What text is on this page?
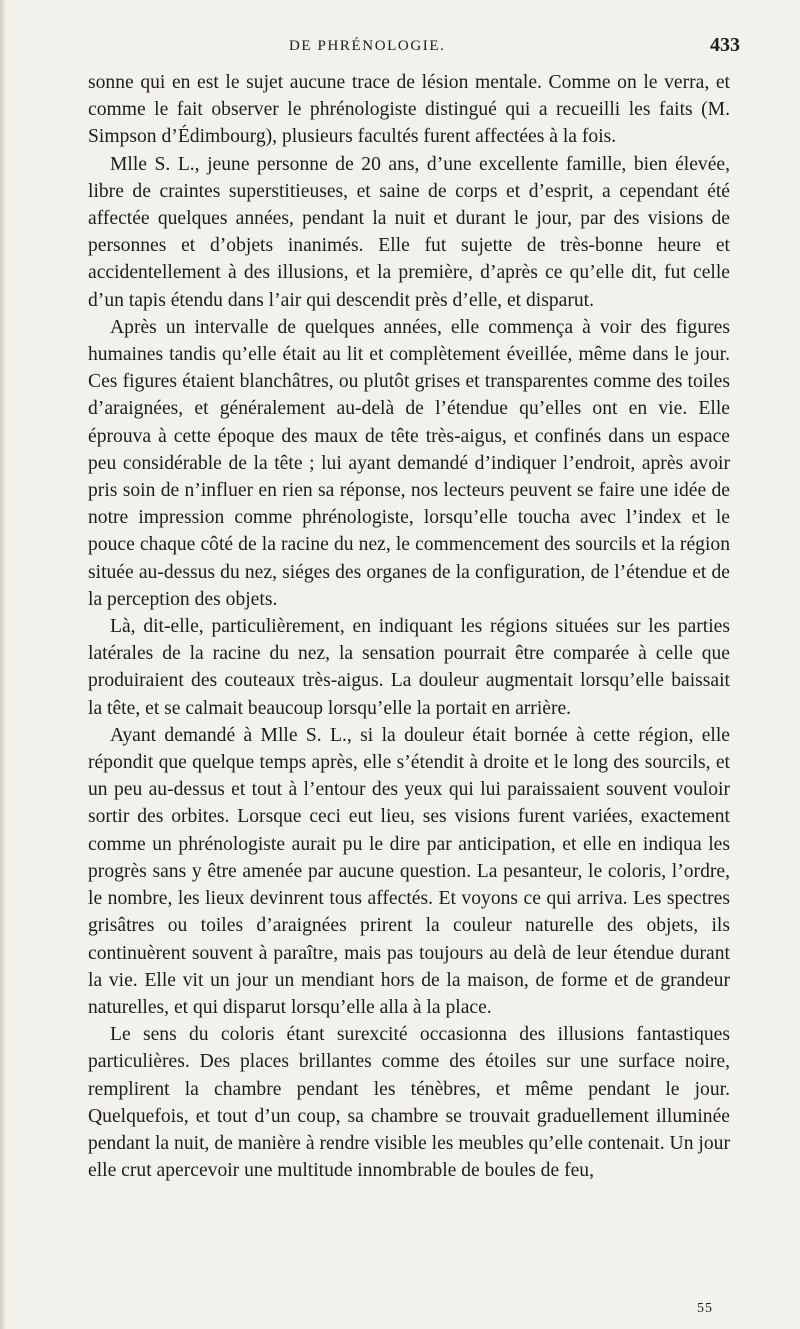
DE PHRÉNOLOGIE.	433

sonne qui en est le sujet aucune trace de lésion mentale. Comme on le verra, et comme le fait observer le phrénologiste distingué qui a recueilli les faits (M. Simpson d’Édimbourg), plusieurs facultés furent affectées à la fois.

Mlle S. L., jeune personne de 20 ans, d’une excellente famille, bien élevée, libre de craintes superstitieuses, et saine de corps et d’esprit, a cependant été affectée quelques années, pendant la nuit et durant le jour, par des visions de personnes et d’objets inanimés. Elle fut sujette de très-bonne heure et accidentellement à des illusions, et la première, d’après ce qu’elle dit, fut celle d’un tapis étendu dans l’air qui descendit près d’elle, et disparut.

Après un intervalle de quelques années, elle commença à voir des figures humaines tandis qu’elle était au lit et complètement éveillée, même dans le jour. Ces figures étaient blanchâtres, ou plutôt grises et transparentes comme des toiles d’araignées, et généralement au-delà de l’étendue qu’elles ont en vie. Elle éprouva à cette époque des maux de tête très-aigus, et confinés dans un espace peu considérable de la tête ; lui ayant demandé d’indiquer l’endroit, après avoir pris soin de n’influer en rien sa réponse, nos lecteurs peuvent se faire une idée de notre impression comme phrénologiste, lorsqu’elle toucha avec l’index et le pouce chaque côté de la racine du nez, le commencement des sourcils et la région située au-dessus du nez, siéges des organes de la configuration, de l’étendue et de la perception des objets.

Là, dit-elle, particulièrement, en indiquant les régions situées sur les parties latérales de la racine du nez, la sensation pourrait être comparée à celle que produiraient des couteaux très-aigus. La douleur augmentait lorsqu’elle baissait la tête, et se calmait beaucoup lorsqu’elle la portait en arrière.

Ayant demandé à Mlle S. L., si la douleur était bornée à cette région, elle répondit que quelque temps après, elle s’étendit à droite et le long des sourcils, et un peu au-dessus et tout à l’entour des yeux qui lui paraissaient souvent vouloir sortir des orbites. Lorsque ceci eut lieu, ses visions furent variées, exactement comme un phrénologiste aurait pu le dire par anticipation, et elle en indiqua les progrès sans y être amenée par aucune question. La pesanteur, le coloris, l’ordre, le nombre, les lieux devinrent tous affectés. Et voyons ce qui arriva. Les spectres grisâtres ou toiles d’araignées prirent la couleur naturelle des objets, ils continuèrent souvent à paraître, mais pas toujours au delà de leur étendue durant la vie. Elle vit un jour un mendiant hors de la maison, de forme et de grandeur naturelles, et qui disparut lorsqu’elle alla à la place.

Le sens du coloris étant surexcité occasionna des illusions fantastiques particulières. Des places brillantes comme des étoiles sur une surface noire, remplirent la chambre pendant les ténèbres, et même pendant le jour. Quelquefois, et tout d’un coup, sa chambre se trouvait graduellement illuminée pendant la nuit, de manière à rendre visible les meubles qu’elle contenait. Un jour elle crut apercevoir une multitude innombrable de boules de feu,

55
